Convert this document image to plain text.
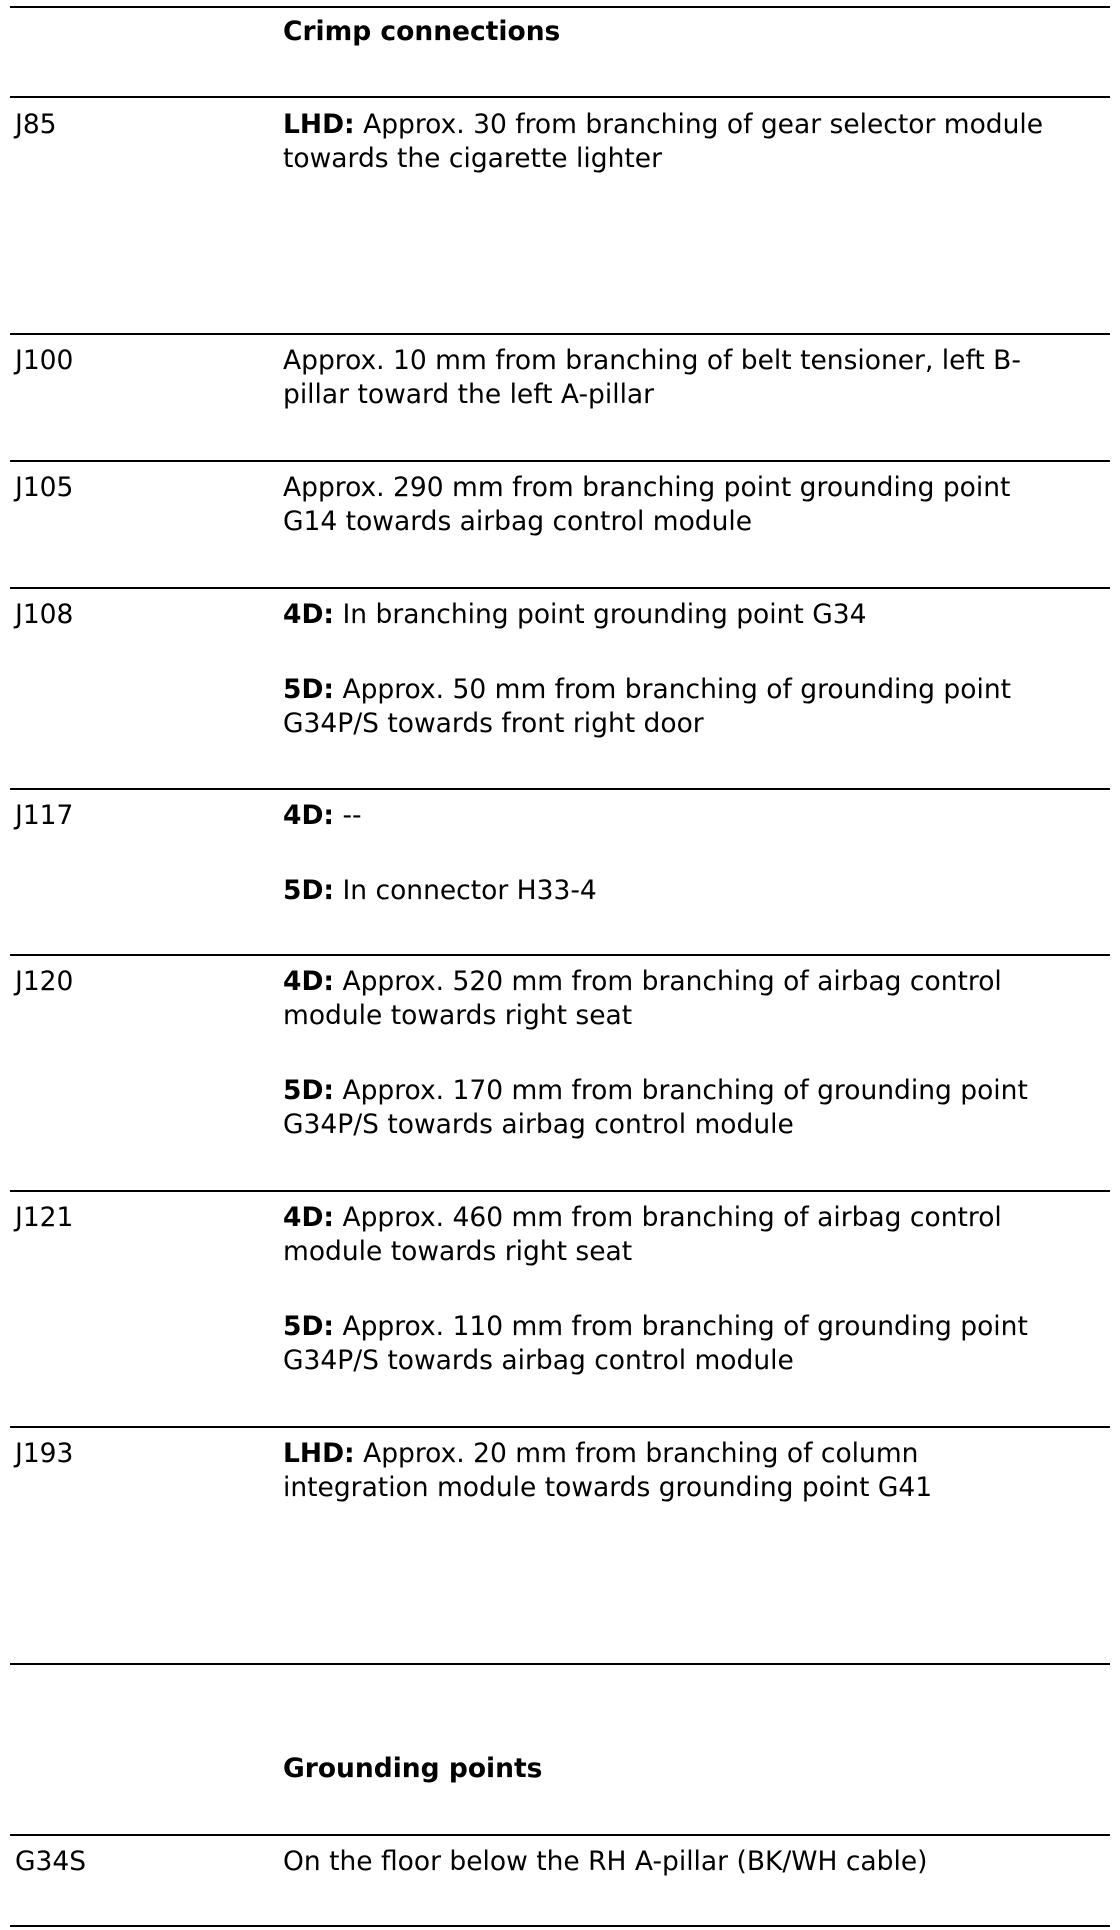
Crimp connections
J85	LHD: Approx. 30 from branching of gear selector module
towards the cigarette lighter
J100	Approx. 10 mm from branching of belt tensioner, left B-
pillar toward the left A-pillar
J105	Approx. 290 mm from branching point grounding point
G14 towards airbag control module
J108	4D: In branching point grounding point G34
5D: Approx. 50 mm from branching of grounding point
G34P/S towards front right door
J117	4D: --
5D: In connector H33-4
J120	4D: Approx. 520 mm from branching of airbag control
module towards right seat
5D: Approx. 170 mm from branching of grounding point
G34P/S towards airbag control module
J121	4D: Approx. 460 mm from branching of airbag control
module towards right seat
5D: Approx. 110 mm from branching of grounding point
G34P/S towards airbag control module
J193	LHD: Approx. 20 mm from branching of column
integration module towards grounding point G41
Grounding points
G34S	On the floor below the RH A-pillar (BK/WH cable)
